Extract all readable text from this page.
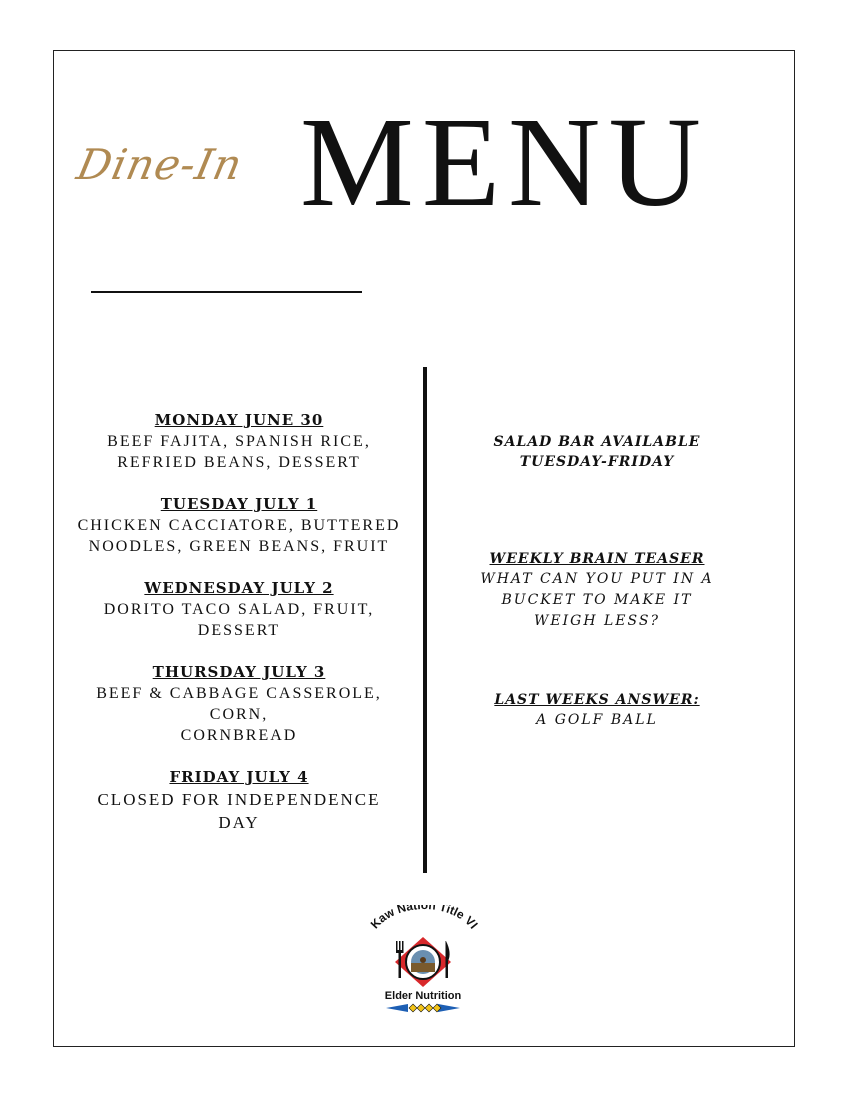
Dine-In MENU
MONDAY JUNE 30
BEEF FAJITA, SPANISH RICE,
REFRIED BEANS, DESSERT
TUESDAY JULY 1
CHICKEN CACCIATORE, BUTTERED
NOODLES, GREEN BEANS, FRUIT
WEDNESDAY JULY 2
DORITO TACO SALAD, FRUIT,
DESSERT
THURSDAY JULY 3
BEEF & CABBAGE CASSEROLE,
CORN,
CORNBREAD
FRIDAY JULY 4
CLOSED FOR INDEPENDENCE
DAY
SALAD BAR AVAILABLE
TUESDAY-FRIDAY
WEEKLY BRAIN TEASER
WHAT CAN YOU PUT IN A
BUCKET TO MAKE IT
WEIGH LESS?
LAST WEEKS ANSWER:
A GOLF BALL
Kaw Nation Title VI
Elder Nutrition
